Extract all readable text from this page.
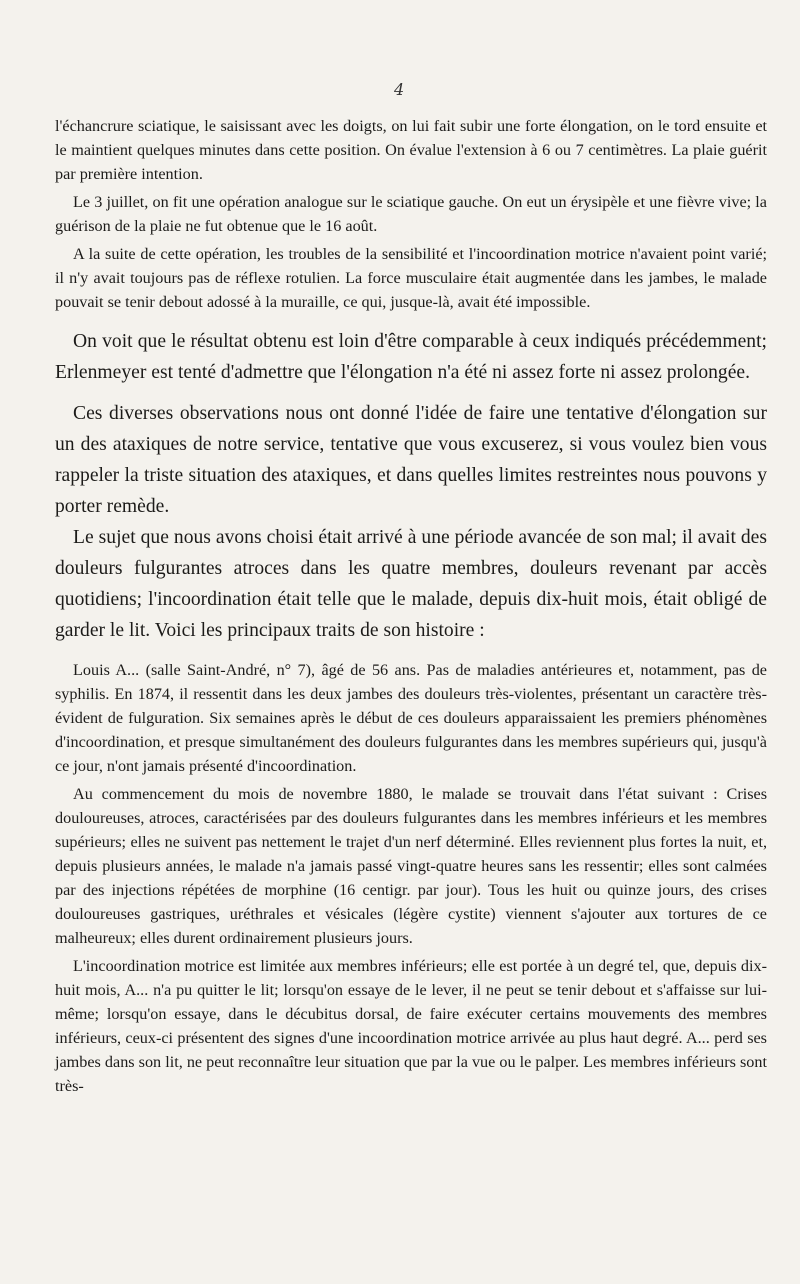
4

l'échancrure sciatique, le saisissant avec les doigts, on lui fait subir une forte élongation, on le tord ensuite et le maintient quelques minutes dans cette position. On évalue l'extension à 6 ou 7 centimètres. La plaie guérit par première intention.

Le 3 juillet, on fit une opération analogue sur le sciatique gauche. On eut un érysipèle et une fièvre vive; la guérison de la plaie ne fut obtenue que le 16 août.

A la suite de cette opération, les troubles de la sensibilité et l'incoordination motrice n'avaient point varié; il n'y avait toujours pas de réflexe rotulien. La force musculaire était augmentée dans les jambes, le malade pouvait se tenir debout adossé à la muraille, ce qui, jusque-là, avait été impossible.

On voit que le résultat obtenu est loin d'être comparable à ceux indiqués précédemment; Erlenmeyer est tenté d'admettre que l'élongation n'a été ni assez forte ni assez prolongée.

Ces diverses observations nous ont donné l'idée de faire une tentative d'élongation sur un des ataxiques de notre service, tentative que vous excuserez, si vous voulez bien vous rappeler la triste situation des ataxiques, et dans quelles limites restreintes nous pouvons y porter remède.

Le sujet que nous avons choisi était arrivé à une période avancée de son mal; il avait des douleurs fulgurantes atroces dans les quatre membres, douleurs revenant par accès quotidiens; l'incoordination était telle que le malade, depuis dix-huit mois, était obligé de garder le lit. Voici les principaux traits de son histoire :

Louis A... (salle Saint-André, n° 7), âgé de 56 ans. Pas de maladies antérieures et, notamment, pas de syphilis. En 1874, il ressentit dans les deux jambes des douleurs très-violentes, présentant un caractère très-évident de fulguration. Six semaines après le début de ces douleurs apparaissaient les premiers phénomènes d'incoordination, et presque simultanément des douleurs fulgurantes dans les membres supérieurs qui, jusqu'à ce jour, n'ont jamais présenté d'incoordination.

Au commencement du mois de novembre 1880, le malade se trouvait dans l'état suivant : Crises douloureuses, atroces, caractérisées par des douleurs fulgurantes dans les membres inférieurs et les membres supérieurs; elles ne suivent pas nettement le trajet d'un nerf déterminé. Elles reviennent plus fortes la nuit, et, depuis plusieurs années, le malade n'a jamais passé vingt-quatre heures sans les ressentir; elles sont calmées par des injections répétées de morphine (16 centigr. par jour). Tous les huit ou quinze jours, des crises douloureuses gastriques, uréthrales et vésicales (légère cystite) viennent s'ajouter aux tortures de ce malheureux; elles durent ordinairement plusieurs jours.

L'incoordination motrice est limitée aux membres inférieurs; elle est portée à un degré tel, que, depuis dix-huit mois, A... n'a pu quitter le lit; lorsqu'on essaye de le lever, il ne peut se tenir debout et s'affaisse sur lui-même; lorsqu'on essaye, dans le décubitus dorsal, de faire exécuter certains mouvements des membres inférieurs, ceux-ci présentent des signes d'une incoordination motrice arrivée au plus haut degré. A... perd ses jambes dans son lit, ne peut reconnaître leur situation que par la vue ou le palper. Les membres inférieurs sont très-
